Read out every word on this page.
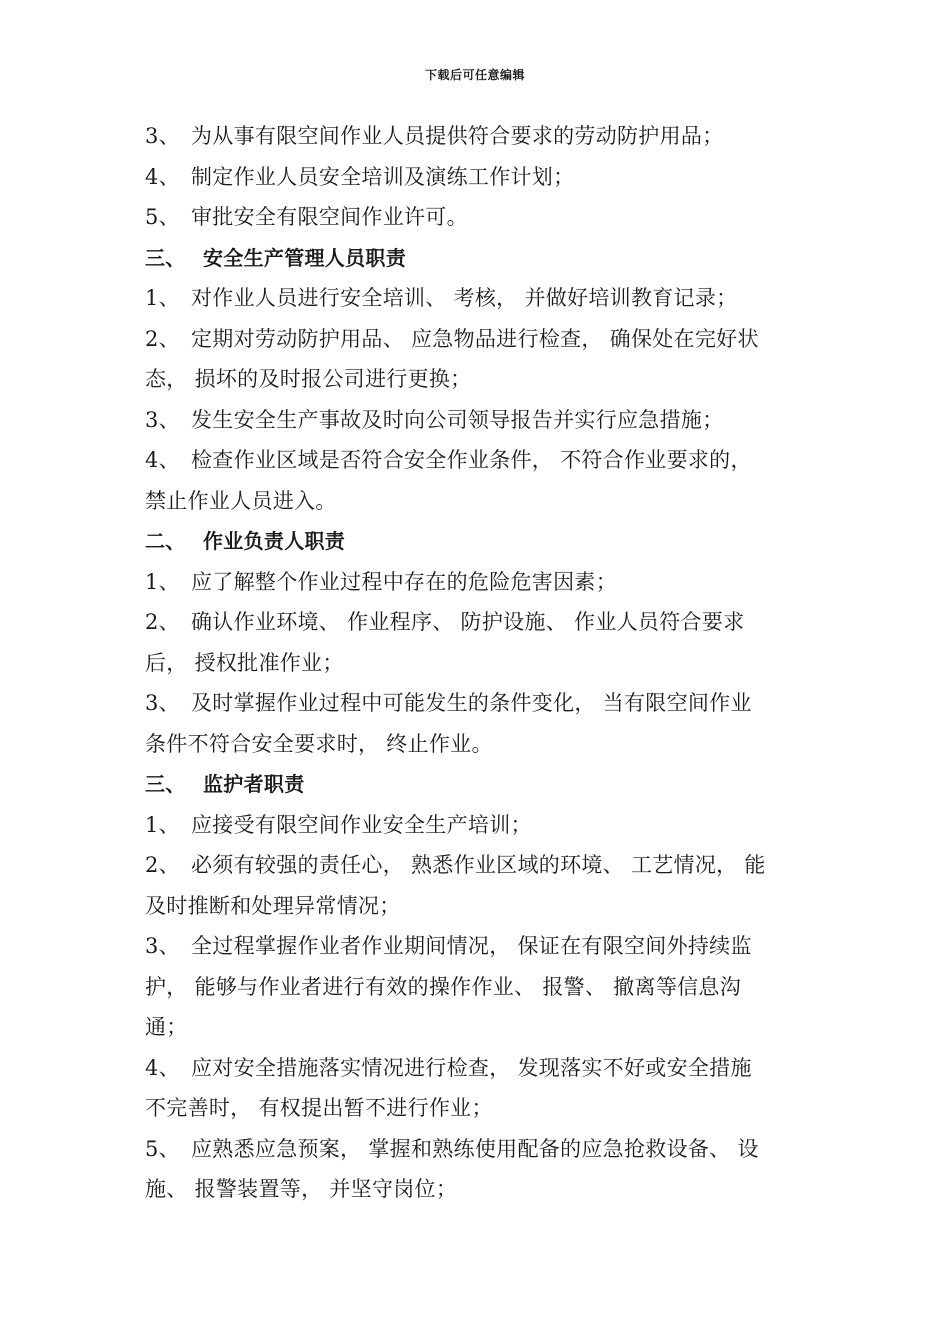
下载后可任意编辑
3、 为从事有限空间作业人员提供符合要求的劳动防护用品；
4、 制定作业人员安全培训及演练工作计划；
5、 审批安全有限空间作业许可。
三、 安全生产管理人员职责
1、 对作业人员进行安全培训、 考核， 并做好培训教育记录；
2、 定期对劳动防护用品、 应急物品进行检查， 确保处在完好状
态， 损坏的及时报公司进行更换；
3、 发生安全生产事故及时向公司领导报告并实行应急措施；
4、 检查作业区域是否符合安全作业条件， 不符合作业要求的，
禁止作业人员进入。
二、 作业负责人职责
1、 应了解整个作业过程中存在的危险危害因素；
2、 确认作业环境、 作业程序、 防护设施、 作业人员符合要求
后， 授权批准作业；
3、 及时掌握作业过程中可能发生的条件变化， 当有限空间作业
条件不符合安全要求时， 终止作业。
三、 监护者职责
1、 应接受有限空间作业安全生产培训；
2、 必须有较强的责任心， 熟悉作业区域的环境、 工艺情况， 能
及时推断和处理异常情况；
3、 全过程掌握作业者作业期间情况， 保证在有限空间外持续监
护， 能够与作业者进行有效的操作作业、 报警、 撤离等信息沟
通；
4、 应对安全措施落实情况进行检查， 发现落实不好或安全措施
不完善时， 有权提出暂不进行作业；
5、 应熟悉应急预案， 掌握和熟练使用配备的应急抢救设备、 设
施、 报警装置等， 并坚守岗位；
